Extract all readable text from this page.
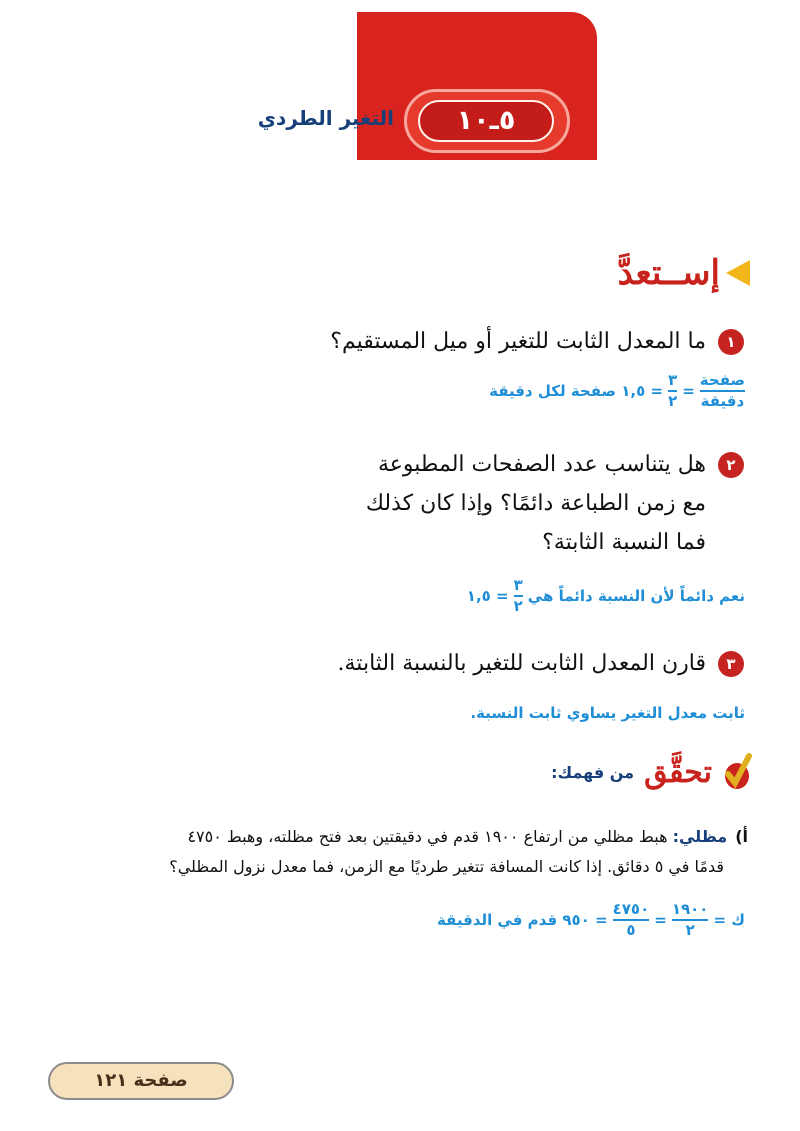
٥ـ١٠
التغير الطردي
إســتعدَّ
١ما المعدل الثابت للتغير أو ميل المستقيم؟
$\frac{\text{صفحة}}{\text{دقيقة}}$
=
$\frac{٣}{٢}$
= ١,٥ صفحة لكل دقيقة
٢هل يتناسب عدد الصفحات المطبوعة
مع زمن الطباعة دائمًا؟ وإذا كان كذلك
فما النسبة الثابتة؟
نعم دائماً لأن النسبة دائماً هي
$\frac{٣}{٢}$
= ١,٥
٣قارن المعدل الثابت للتغير بالنسبة الثابتة.
ثابت معدل التغير يساوي ثابت النسبة.
تحقَّق
من فهمك:
أ)مظلي: هبط مظلي من ارتفاع ١٩٠٠ قدم في دقيقتين بعد فتح مظلته، وهبط ٤٧٥٠
قدمًا في ٥ دقائق. إذا كانت المسافة تتغير طرديًا مع الزمن، فما معدل نزول المظلي؟
ك =
$\frac{١٩٠٠}{٢}$
=
$\frac{٤٧٥٠}{٥}$
= ٩٥٠ قدم في الدقيقة
صفحة ١٢١
